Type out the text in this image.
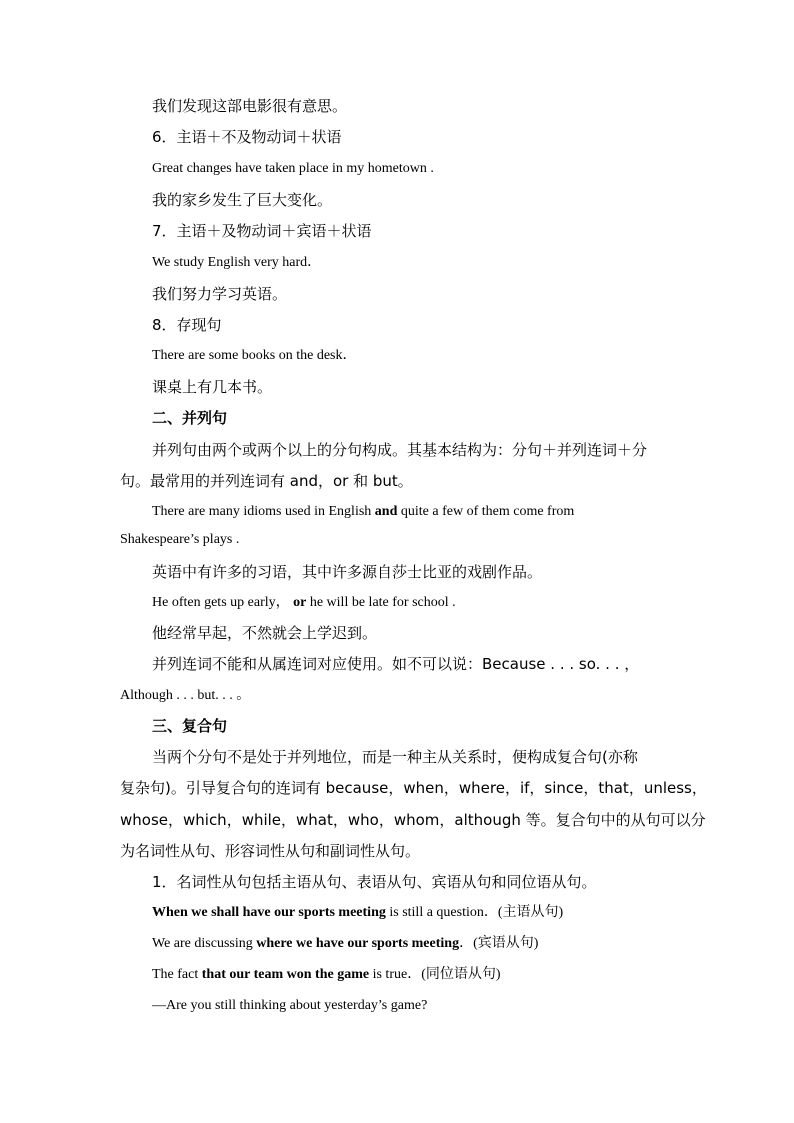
我们发现这部电影很有意思。
6．主语＋不及物动词＋状语
Great changes have taken place in my hometown .
我的家乡发生了巨大变化。
7．主语＋及物动词＋宾语＋状语
We study English very hard．
我们努力学习英语。
8．存现句
There are some books on the desk．
课桌上有几本书。
二、并列句
并列句由两个或两个以上的分句构成。其基本结构为：分句＋并列连词＋分
句。最常用的并列连词有 and，or 和 but。
There are many idioms used in English and quite a few of them come from
Shakespeare’s plays .
英语中有许多的习语，其中许多源自莎士比亚的戏剧作品。
He often gets up early， or he will be late for school .
他经常早起，不然就会上学迟到。
并列连词不能和从属连词对应使用。如不可以说：Because . . . so. . . ，
Although . . . but. . . 。
三、复合句
当两个分句不是处于并列地位，而是一种主从关系时，便构成复合句(亦称
复杂句)。引导复合句的连词有 because，when，where，if，since，that，unless，
whose，which，while，what，who，whom，although 等。复合句中的从句可以分
为名词性从句、形容词性从句和副词性从句。
1．名词性从句包括主语从句、表语从句、宾语从句和同位语从句。
When we shall have our sports meeting is still a question．(主语从句)
We are discussing where we have our sports meeting．(宾语从句)
The fact that our team won the game is true．(同位语从句)
—Are you still thinking about yesterday’s game?
